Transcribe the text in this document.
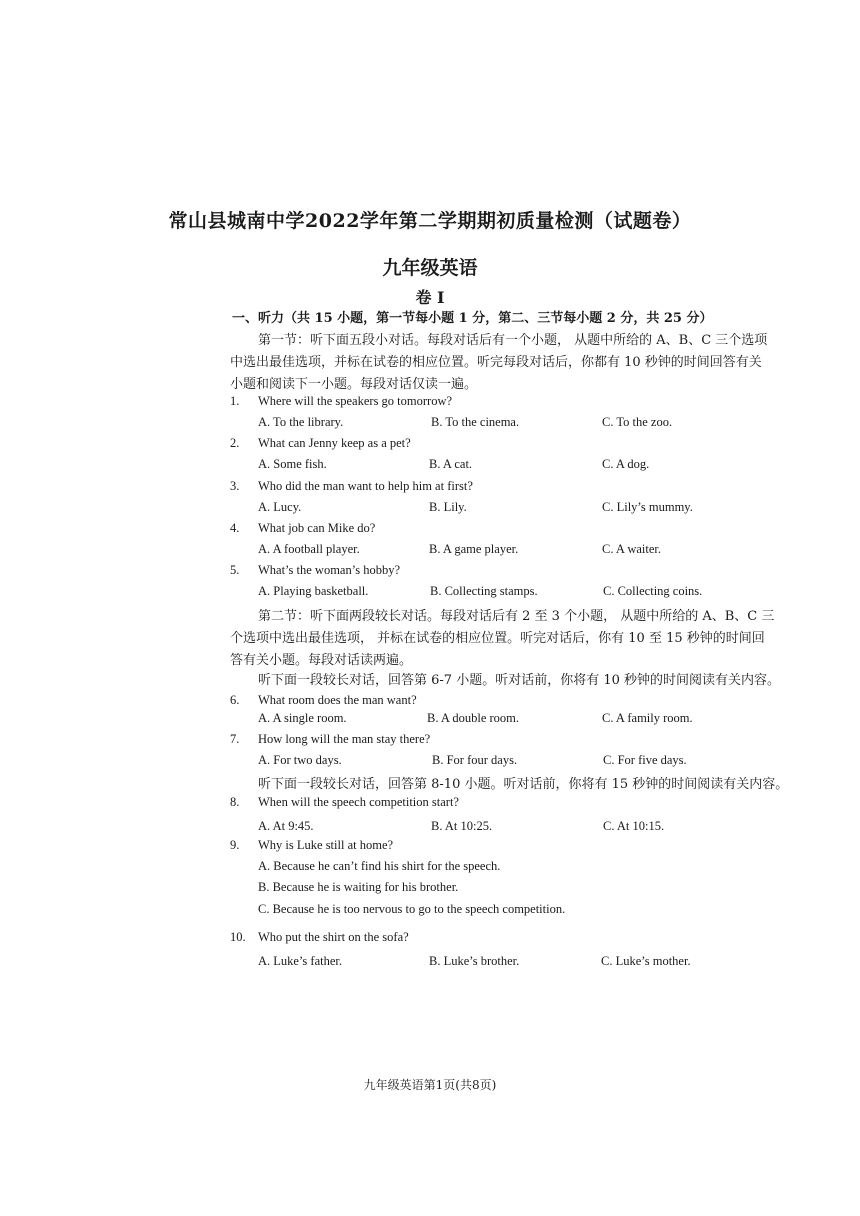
常山县城南中学2022学年第二学期期初质量检测（试题卷）
九年级英语
卷 I
一、听力（共 15 小题，第一节每小题 1 分，第二、三节每小题 2 分，共 25 分）
第一节：听下面五段小对话。每段对话后有一个小题， 从题中所给的 A、B、C 三个选项
中选出最佳选项，并标在试卷的相应位置。听完每段对话后，你都有 10 秒钟的时间回答有关
小题和阅读下一小题。每段对话仅读一遍。
1. Where will the speakers go tomorrow?
A. To the library.	B. To the cinema.	C. To the zoo.
2. What can Jenny keep as a pet?
A. Some fish.	B. A cat.	C. A dog.
3. Who did the man want to help him at first?
A. Lucy.	B. Lily.	C. Lily’s mummy.
4. What job can Mike do?
A. A football player.	B. A game player.	C. A waiter.
5. What’s the woman’s hobby?
A. Playing basketball.	B. Collecting stamps.	C. Collecting coins.
第二节：听下面两段较长对话。每段对话后有 2 至 3 个小题， 从题中所给的 A、B、C 三
个选项中选出最佳选项， 并标在试卷的相应位置。听完对话后，你有 10 至 15 秒钟的时间回
答有关小题。每段对话读两遍。
听下面一段较长对话，回答第 6-7 小题。听对话前，你将有 10 秒钟的时间阅读有关内容。
6. What room does the man want?
A. A single room.	B. A double room.	C. A family room.
7. How long will the man stay there?
A. For two days.	B. For four days.	C. For five days.
听下面一段较长对话，回答第 8-10 小题。听对话前，你将有 15 秒钟的时间阅读有关内容。
8. When will the speech competition start?
A. At 9:45.	B. At 10:25.	C. At 10:15.
9. Why is Luke still at home?
A. Because he can’t find his shirt for the speech.
B. Because he is waiting for his brother.
C. Because he is too nervous to go to the speech competition.
10. Who put the shirt on the sofa?
A. Luke’s father.	B. Luke’s brother.	C. Luke’s mother.
九年级英语第1页(共8页)
